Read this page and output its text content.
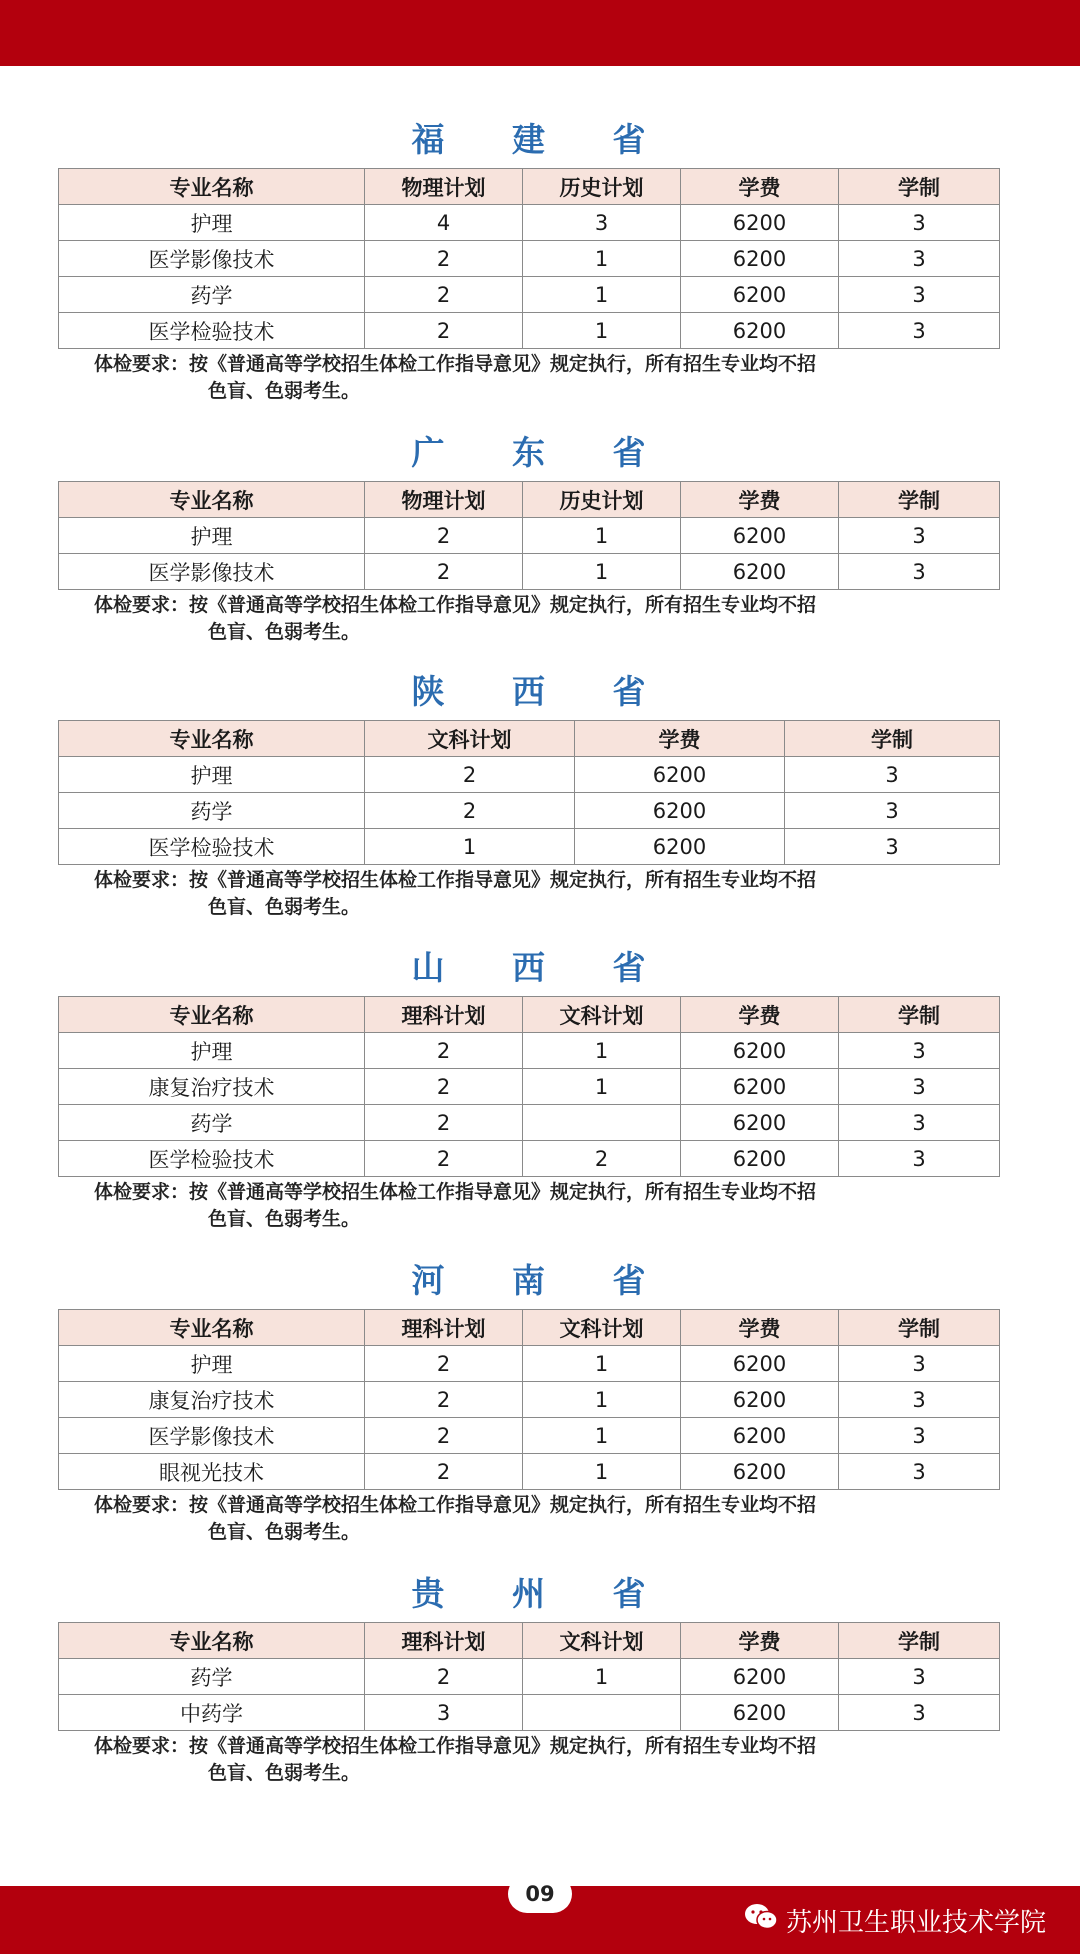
福 建 省
专业名称	物理计划	历史计划	学费	学制
护理	4	3	6200	3
医学影像技术	2	1	6200	3
药学	2	1	6200	3
医学检验技术	2	1	6200	3
体检要求：按《普通高等学校招生体检工作指导意见》规定执行，所有招生专业均不招
色盲、色弱考生。
广 东 省
专业名称	物理计划	历史计划	学费	学制
护理	2	1	6200	3
医学影像技术	2	1	6200	3
体检要求：按《普通高等学校招生体检工作指导意见》规定执行，所有招生专业均不招
色盲、色弱考生。
陕 西 省
专业名称	文科计划	学费	学制
护理	2	6200	3
药学	2	6200	3
医学检验技术	1	6200	3
体检要求：按《普通高等学校招生体检工作指导意见》规定执行，所有招生专业均不招
色盲、色弱考生。
山 西 省
专业名称	理科计划	文科计划	学费	学制
护理	2	1	6200	3
康复治疗技术	2	1	6200	3
药学	2		6200	3
医学检验技术	2	2	6200	3
体检要求：按《普通高等学校招生体检工作指导意见》规定执行，所有招生专业均不招
色盲、色弱考生。
河 南 省
专业名称	理科计划	文科计划	学费	学制
护理	2	1	6200	3
康复治疗技术	2	1	6200	3
医学影像技术	2	1	6200	3
眼视光技术	2	1	6200	3
体检要求：按《普通高等学校招生体检工作指导意见》规定执行，所有招生专业均不招
色盲、色弱考生。
贵 州 省
专业名称	理科计划	文科计划	学费	学制
药学	2	1	6200	3
中药学	3		6200	3
体检要求：按《普通高等学校招生体检工作指导意见》规定执行，所有招生专业均不招
色盲、色弱考生。
09
苏州卫生职业技术学院
